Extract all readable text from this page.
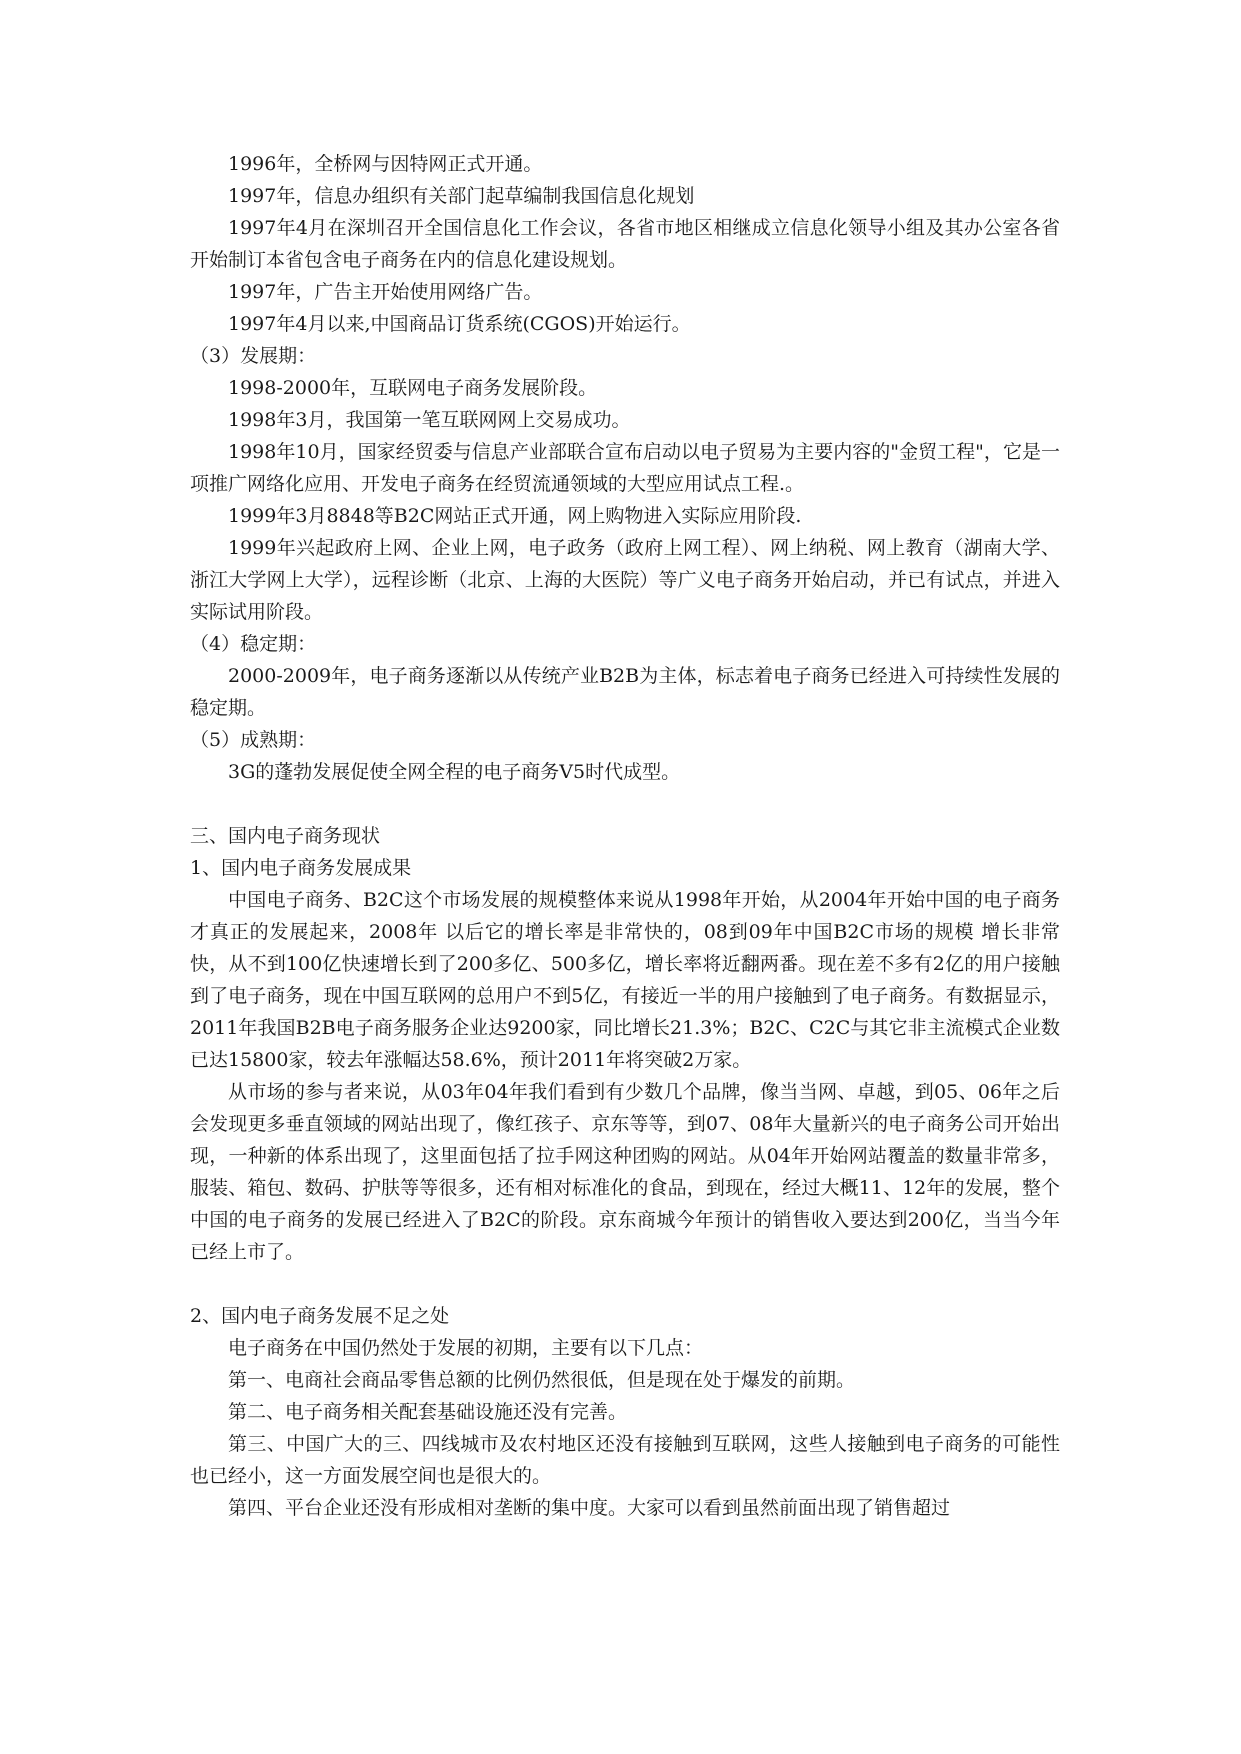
1996年，全桥网与因特网正式开通。

1997年，信息办组织有关部门起草编制我国信息化规划

1997年4月在深圳召开全国信息化工作会议，各省市地区相继成立信息化领导小组及其办公室各省开始制订本省包含电子商务在内的信息化建设规划。

1997年，广告主开始使用网络广告。

1997年4月以来,中国商品订货系统(CGOS)开始运行。

（3）发展期：

1998-2000年，互联网电子商务发展阶段。

1998年3月，我国第一笔互联网网上交易成功。

1998年10月，国家经贸委与信息产业部联合宣布启动以电子贸易为主要内容的"金贸工程"，它是一项推广网络化应用、开发电子商务在经贸流通领域的大型应用试点工程.。

1999年3月8848等B2C网站正式开通，网上购物进入实际应用阶段.

1999年兴起政府上网、企业上网，电子政务（政府上网工程）、网上纳税、网上教育（湖南大学、浙江大学网上大学），远程诊断（北京、上海的大医院）等广义电子商务开始启动，并已有试点，并进入实际试用阶段。

（4）稳定期：

2000-2009年，电子商务逐渐以从传统产业B2B为主体，标志着电子商务已经进入可持续性发展的稳定期。

（5）成熟期：

3G的蓬勃发展促使全网全程的电子商务V5时代成型。

三、国内电子商务现状

1、国内电子商务发展成果

中国电子商务、B2C这个市场发展的规模整体来说从1998年开始，从2004年开始中国的电子商务才真正的发展起来，2008年 以后它的增长率是非常快的，08到09年中国B2C市场的规模 增长非常快，从不到100亿快速增长到了200多亿、500多亿，增长率将近翻两番。现在差不多有2亿的用户接触到了电子商务，现在中国互联网的总用户不到5亿，有接近一半的用户接触到了电子商务。有数据显示，2011年我国B2B电子商务服务企业达9200家，同比增长21.3%；B2C、C2C与其它非主流模式企业数已达15800家，较去年涨幅达58.6%，预计2011年将突破2万家。

从市场的参与者来说，从03年04年我们看到有少数几个品牌，像当当网、卓越，到05、06年之后会发现更多垂直领域的网站出现了，像红孩子、京东等等，到07、08年大量新兴的电子商务公司开始出现，一种新的体系出现了，这里面包括了拉手网这种团购的网站。从04年开始网站覆盖的数量非常多，服装、箱包、数码、护肤等等很多，还有相对标准化的食品，到现在，经过大概11、12年的发展，整个中国的电子商务的发展已经进入了B2C的阶段。京东商城今年预计的销售收入要达到200亿，当当今年已经上市了。

2、国内电子商务发展不足之处

电子商务在中国仍然处于发展的初期，主要有以下几点：

第一、电商社会商品零售总额的比例仍然很低，但是现在处于爆发的前期。

第二、电子商务相关配套基础设施还没有完善。

第三、中国广大的三、四线城市及农村地区还没有接触到互联网，这些人接触到电子商务的可能性也已经小，这一方面发展空间也是很大的。

第四、平台企业还没有形成相对垄断的集中度。大家可以看到虽然前面出现了销售超过
